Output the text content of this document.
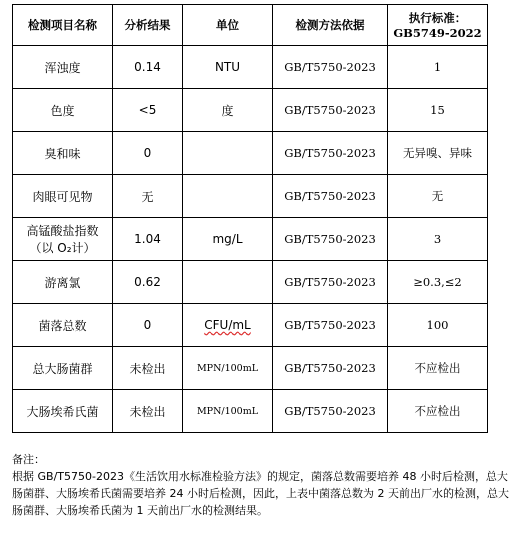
检测项目名称	分析结果	单位	检测方法依据	执行标准：GB5749-2022
浑浊度	0.14	NTU	GB/T5750-2023	1
色度	<5	度	GB/T5750-2023	15
臭和味	0		GB/T5750-2023	无异嗅、异味
肉眼可见物	无		GB/T5750-2023	无
高锰酸盐指数（以 O₂计）	1.04	mg/L	GB/T5750-2023	3
游离氯	0.62		GB/T5750-2023	≥0.3,≤2
菌落总数	0	CFU/mL	GB/T5750-2023	100
总大肠菌群	未检出	MPN/100mL	GB/T5750-2023	不应检出
大肠埃希氏菌	未检出	MPN/100mL	GB/T5750-2023	不应检出

备注：

根据 GB/T5750-2023《生活饮用水标准检验方法》的规定，菌落总数需要培养 48 小时后检测，总大肠菌群、大肠埃希氏菌需要培养 24 小时后检测，因此，上表中菌落总数为 2 天前出厂水的检测，总大肠菌群、大肠埃希氏菌为 1 天前出厂水的检测结果。
